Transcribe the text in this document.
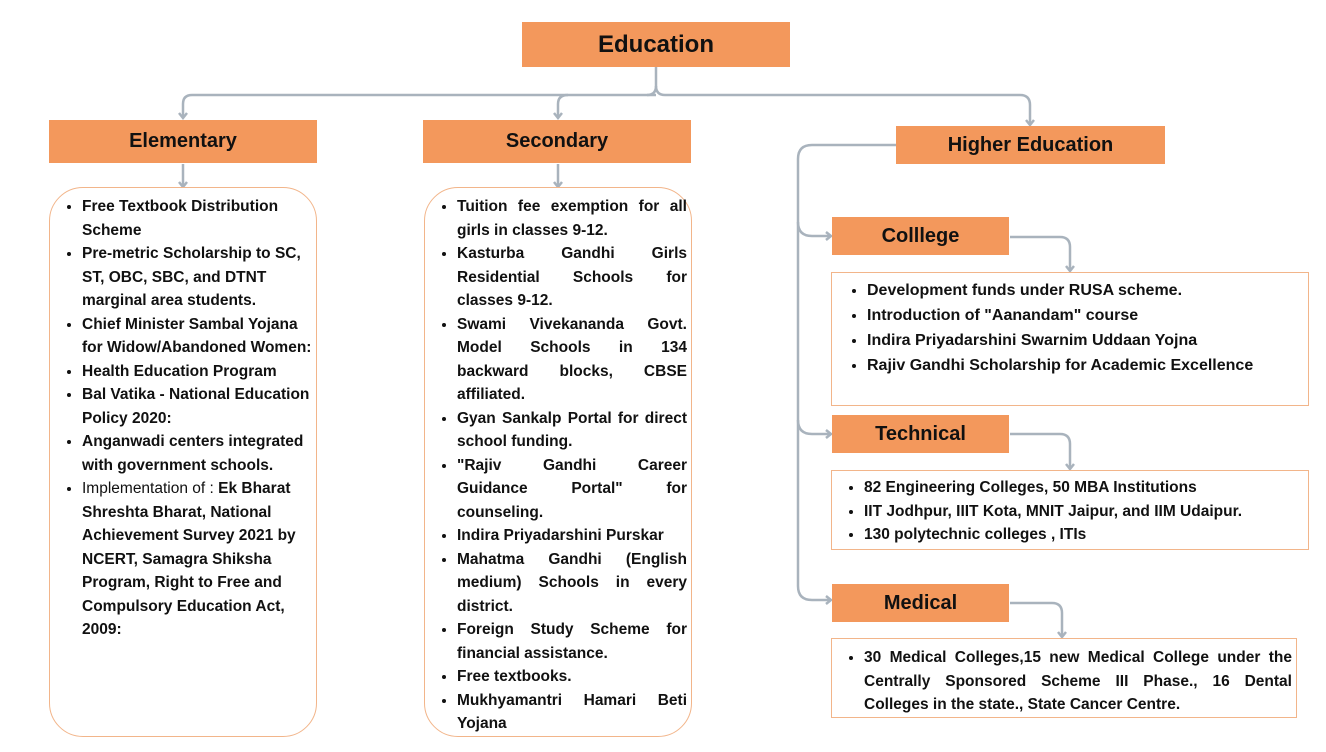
Education
Elementary
• Free Textbook Distribution Scheme
• Pre-metric Scholarship to SC, ST, OBC, SBC, and DTNT marginal area students.
• Chief Minister Sambal Yojana for Widow/Abandoned Women:
• Health Education Program
• Bal Vatika - National Education Policy 2020:
• Anganwadi centers integrated with government schools.
• Implementation of : Ek Bharat Shreshta Bharat, National Achievement Survey 2021 by NCERT, Samagra Shiksha Program, Right to Free and Compulsory Education Act, 2009:
Secondary
• Tuition fee exemption for all girls in classes 9-12.
• Kasturba Gandhi Girls Residential Schools for classes 9-12.
• Swami Vivekananda Govt. Model Schools in 134 backward blocks, CBSE affiliated.
• Gyan Sankalp Portal for direct school funding.
• "Rajiv Gandhi Career Guidance Portal" for counseling.
• Indira Priyadarshini Purskar
• Mahatma Gandhi (English medium) Schools in every district.
• Foreign Study Scheme for financial assistance.
• Free textbooks.
• Mukhyamantri Hamari Beti Yojana
Higher Education
Colllege
• Development funds under RUSA scheme.
• Introduction of "Aanandam" course
• Indira Priyadarshini Swarnim Uddaan Yojna
• Rajiv Gandhi Scholarship for Academic Excellence
Technical
• 82 Engineering Colleges, 50 MBA Institutions
• IIT Jodhpur, IIIT Kota, MNIT Jaipur, and IIM Udaipur.
• 130 polytechnic colleges , ITIs
Medical
• 30 Medical Colleges,15 new Medical College under the Centrally Sponsored Scheme III Phase., 16 Dental Colleges in the state., State Cancer Centre.
